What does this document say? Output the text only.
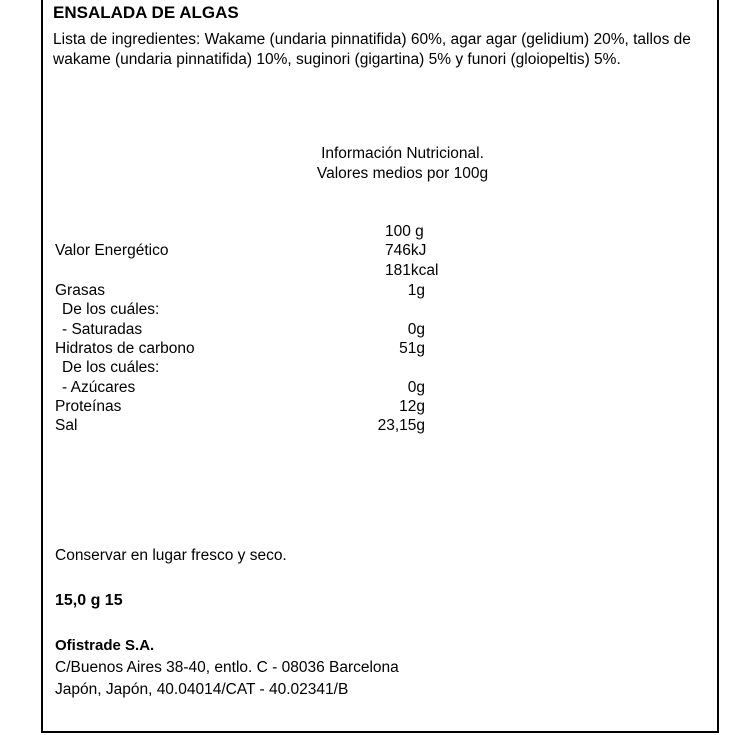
ENSALADA DE ALGAS
Lista de ingredientes: Wakame (undaria pinnatifida) 60%, agar agar (gelidium) 20%, tallos de wakame (undaria pinnatifida) 10%, suginori (gigartina) 5% y funori (gloiopeltis) 5%.
Información Nutricional.
Valores medios por 100g
100 g
Valor Energético	746kJ
181kcal
Grasas	1g
De los cuáles:
- Saturadas	0g
Hidratos de carbono	51g
De los cuáles:
- Azúcares	0g
Proteínas	12g
Sal	23,15g
Conservar en lugar fresco y seco.
15,0 g 15
Ofistrade S.A.
C/Buenos Aires 38-40, entlo. C - 08036 Barcelona
Japón, Japón, 40.04014/CAT - 40.02341/B
